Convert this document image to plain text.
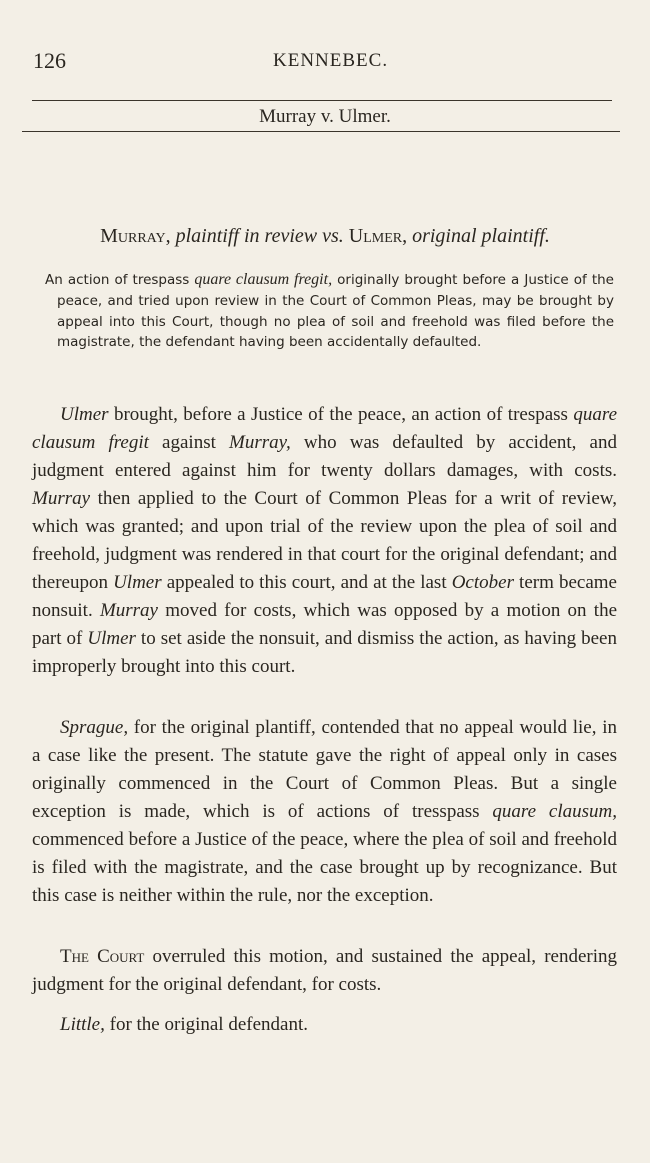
126	KENNEBEC.
Murray v. Ulmer.
Murray, plaintiff in review vs. Ulmer, original plaintiff.
An action of trespass quare clausum fregit, originally brought before a Justice of the peace, and tried upon review in the Court of Common Pleas, may be brought by appeal into this Court, though no plea of soil and freehold was filed before the magistrate, the defendant having been accidentally defaulted.
Ulmer brought, before a Justice of the peace, an action of trespass quare clausum fregit against Murray, who was defaulted by accident, and judgment entered against him for twenty dollars damages, with costs. Murray then applied to the Court of Common Pleas for a writ of review, which was granted; and upon trial of the review upon the plea of soil and freehold, judgment was rendered in that court for the original defendant; and thereupon Ulmer appealed to this court, and at the last October term became nonsuit. Murray moved for costs, which was opposed by a motion on the part of Ulmer to set aside the nonsuit, and dismiss the action, as having been improperly brought into this court.
Sprague, for the original plantiff, contended that no appeal would lie, in a case like the present. The statute gave the right of appeal only in cases originally commenced in the Court of Common Pleas. But a single exception is made, which is of actions of tresspass quare clausum, commenced before a Justice of the peace, where the plea of soil and freehold is filed with the magistrate, and the case brought up by recognizance. But this case is neither within the rule, nor the exception.
The Court overruled this motion, and sustained the appeal, rendering judgment for the original defendant, for costs.
Little, for the original defendant.
